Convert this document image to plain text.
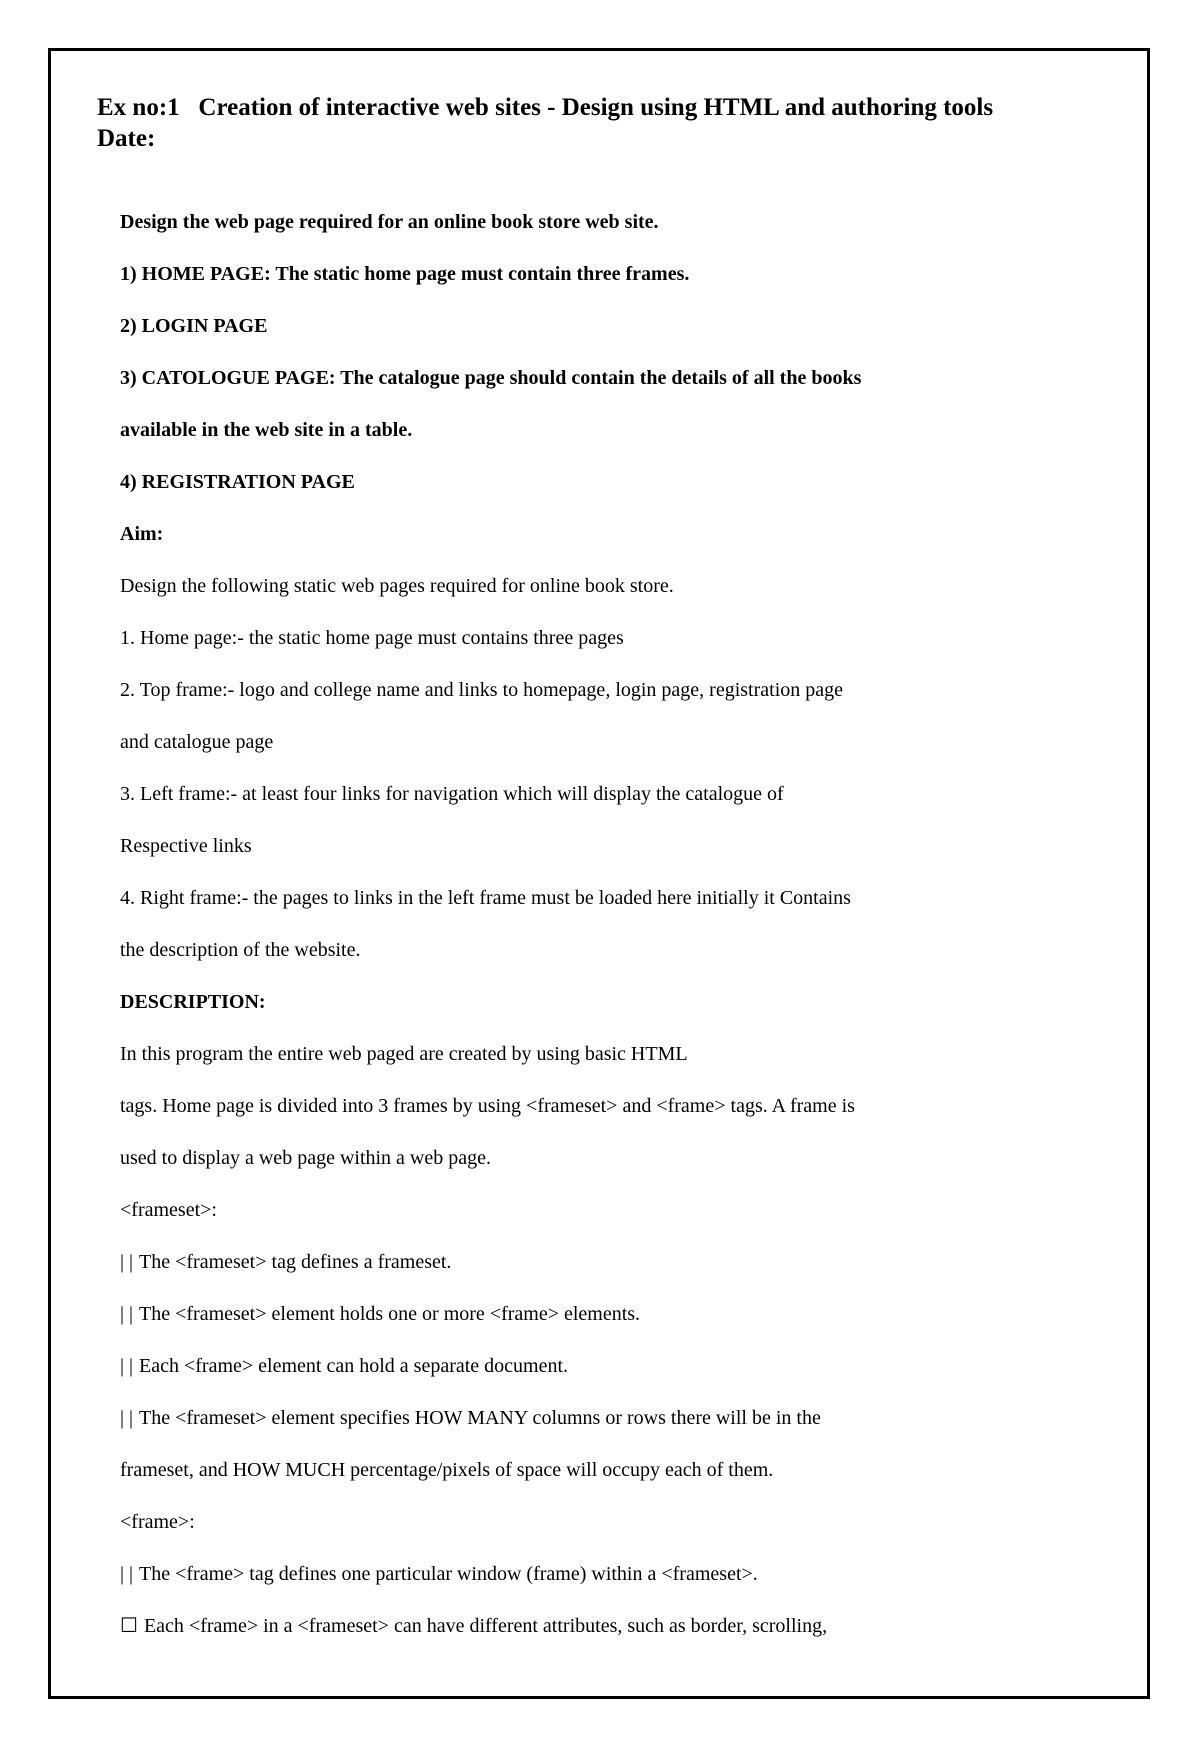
Ex no:1   Creation of interactive web sites - Design using HTML and authoring tools
Date:
Design the web page required for an online book store web site.
1) HOME PAGE: The static home page must contain three frames.
2) LOGIN PAGE
3) CATOLOGUE PAGE: The catalogue page should contain the details of all the books
available in the web site in a table.
4) REGISTRATION PAGE
Aim:
Design the following static web pages required for online book store.
1. Home page:- the static home page must contains three pages
2. Top frame:- logo and college name and links to homepage, login page, registration page
and catalogue page
3. Left frame:- at least four links for navigation which will display the catalogue of
Respective links
4. Right frame:- the pages to links in the left frame must be loaded here initially it Contains
the description of the website.
DESCRIPTION:
In this program the entire web paged are created by using basic HTML
tags. Home page is divided into 3 frames by using <frameset> and <frame> tags. A frame is
used to display a web page within a web page.
<frameset>:
| | The <frameset> tag defines a frameset.
| | The <frameset> element holds one or more <frame> elements.
| | Each <frame> element can hold a separate document.
| | The <frameset> element specifies HOW MANY columns or rows there will be in the
frameset, and HOW MUCH percentage/pixels of space will occupy each of them.
<frame>:
| | The <frame> tag defines one particular window (frame) within a <frameset>.
☐ Each <frame> in a <frameset> can have different attributes, such as border, scrolling,
